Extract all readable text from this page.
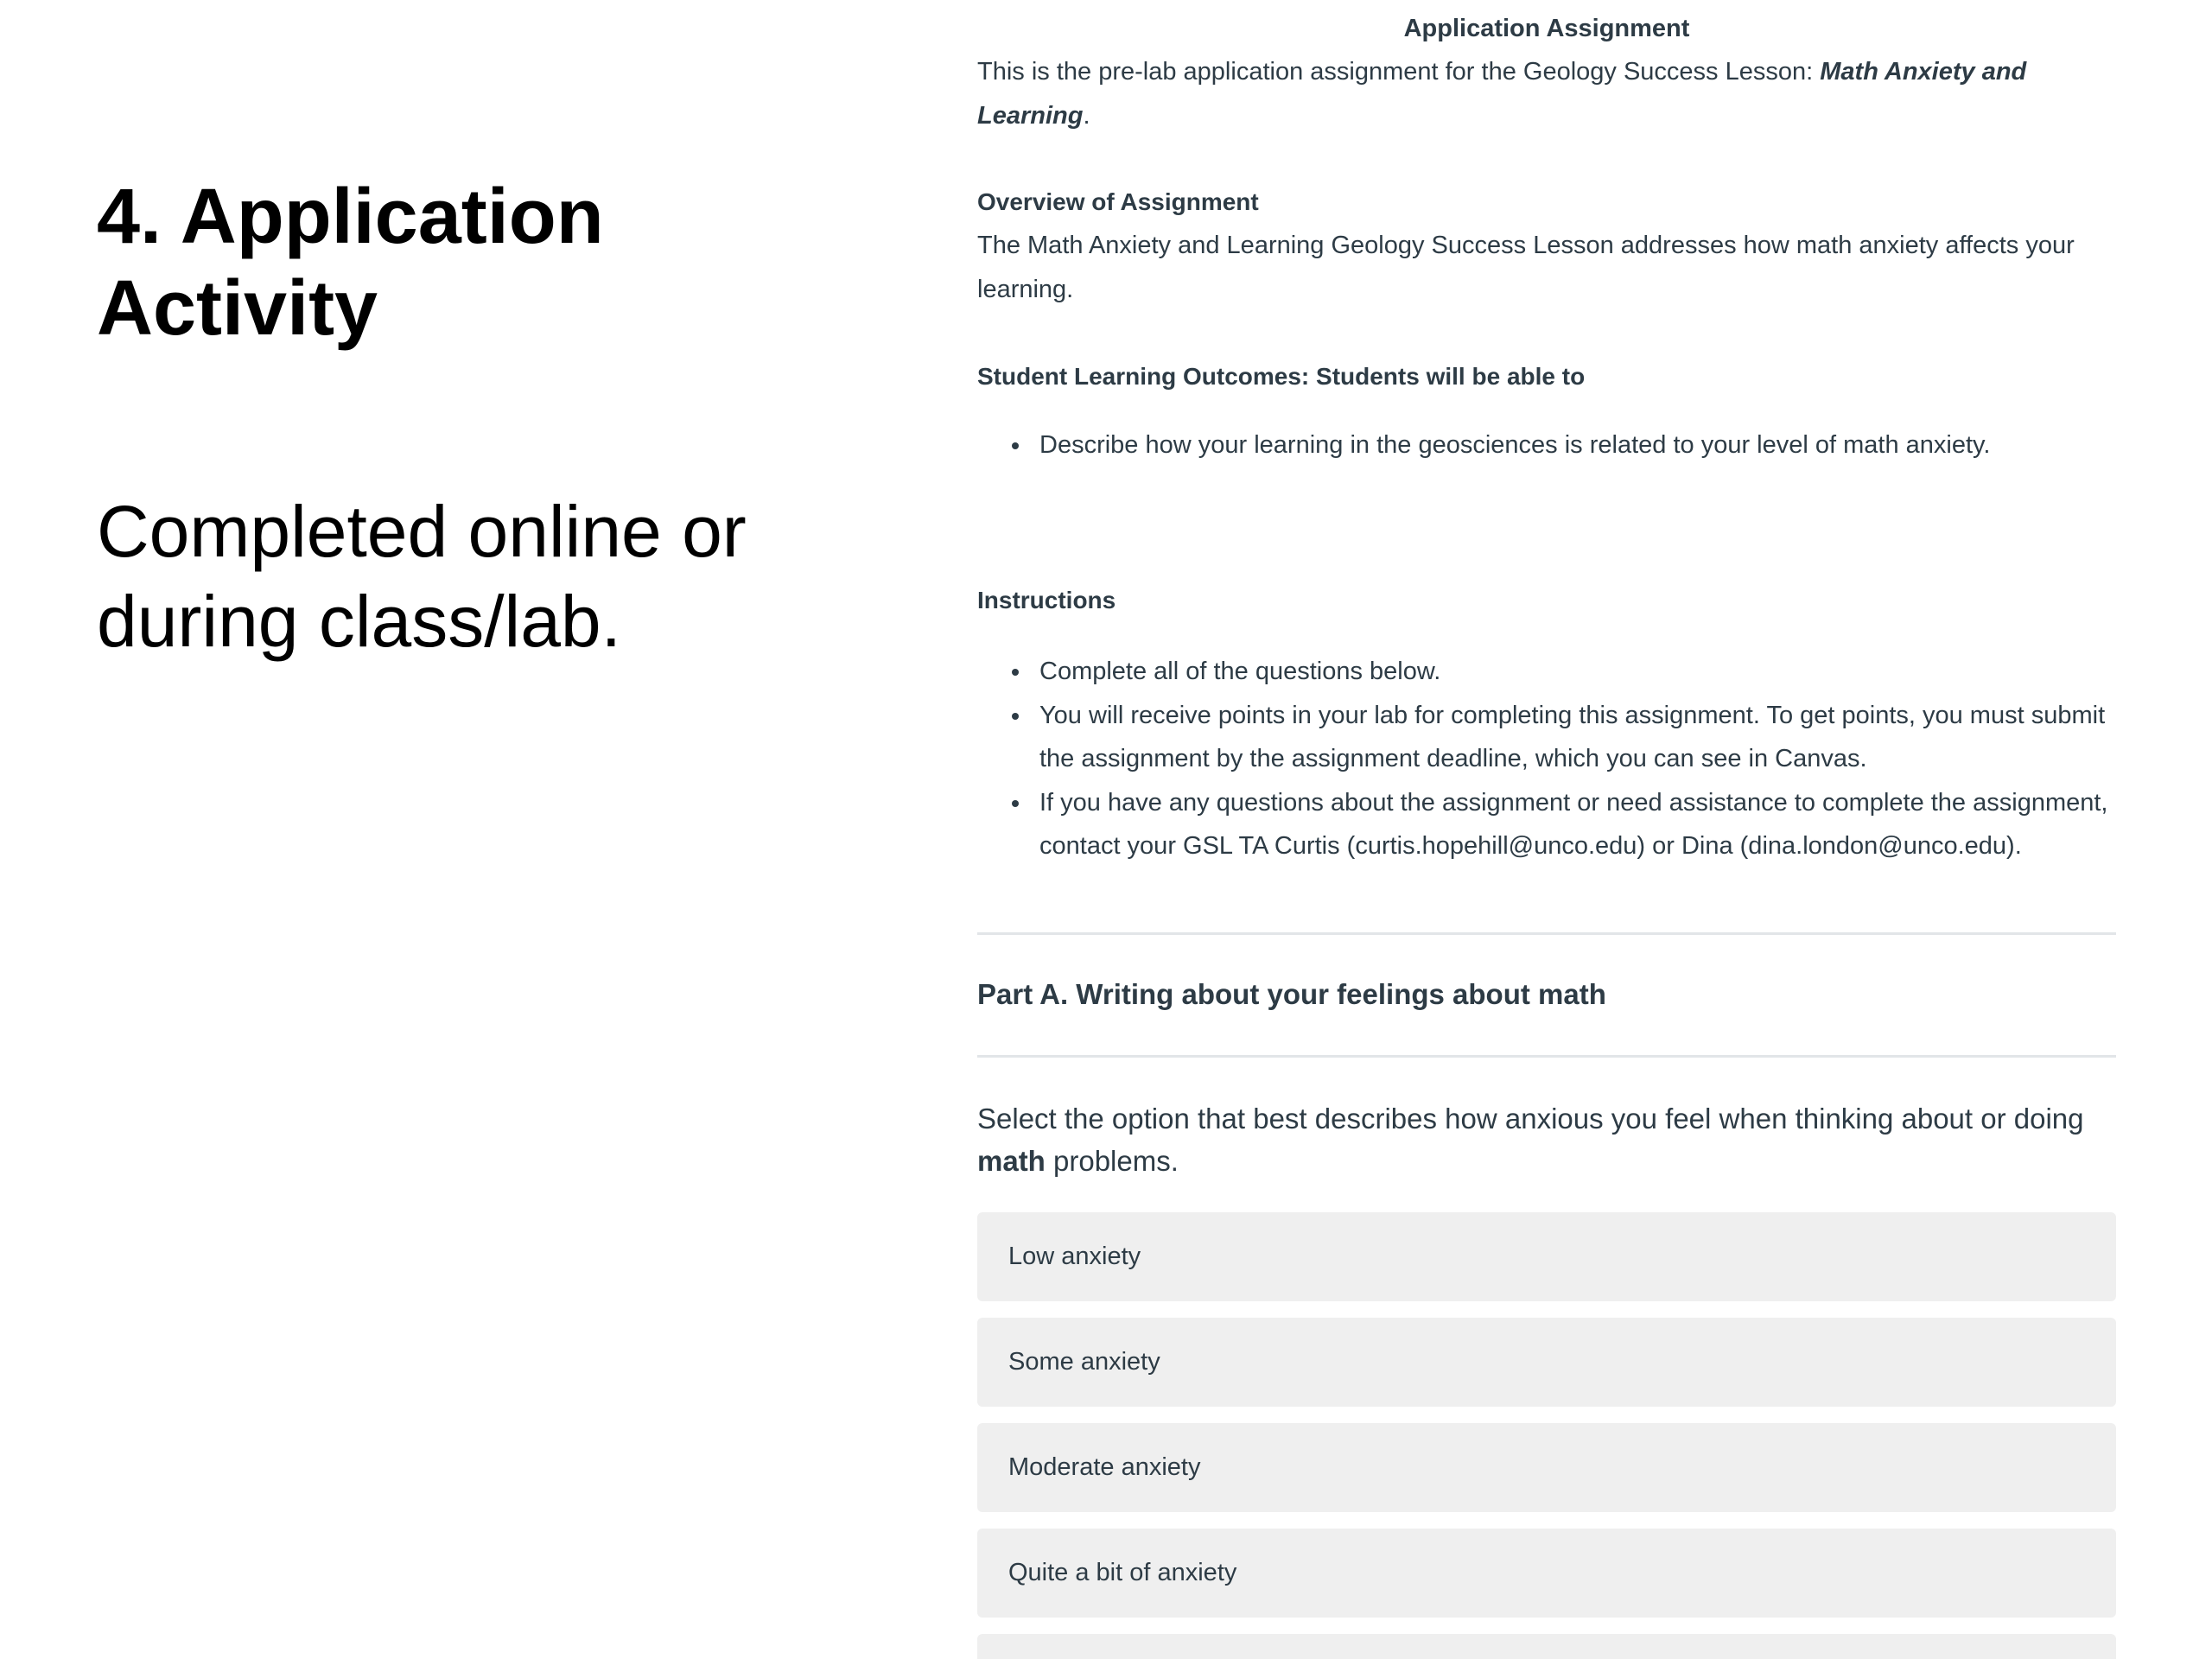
4. Application
Activity

Completed online or
during class/lab.

Application Assignment

This is the pre-lab application assignment for the Geology Success Lesson: Math Anxiety and Learning.

Overview of Assignment

The Math Anxiety and Learning Geology Success Lesson addresses how math anxiety affects your learning.

Student Learning Outcomes: Students will be able to
Describe how your learning in the geosciences is related to your level of math anxiety.
Instructions
Complete all of the questions below.
You will receive points in your lab for completing this assignment. To get points, you must submit the assignment by the assignment deadline, which you can see in Canvas.
If you have any questions about the assignment or need assistance to complete the assignment, contact your GSL TA Curtis (curtis.hopehill@unco.edu) or Dina (dina.london@unco.edu).
Part A. Writing about your feelings about math

Select the option that best describes how anxious you feel when thinking about or doing math problems.

Low anxiety
Some anxiety
Moderate anxiety
Quite a bit of anxiety
